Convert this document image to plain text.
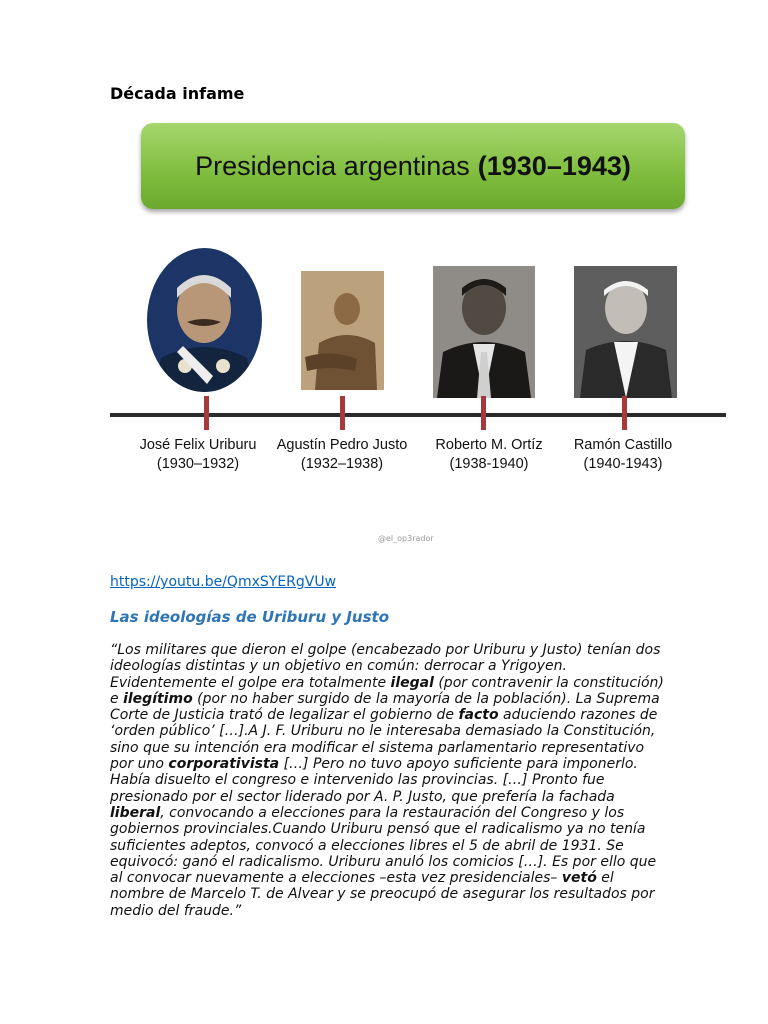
Década infame
Presidencia argentinas (1930–1943)
José Felix Uriburu
(1930–1932)
Agustín Pedro Justo
(1932–1938)
Roberto M. Ortíz
(1938-1940)
Ramón Castillo
(1940-1943)
@el_op3rador
https://youtu.be/QmxSYERgVUw
Las ideologías de Uriburu y Justo
“Los militares que dieron el golpe (encabezado por Uriburu y Justo) tenían dos ideologías distintas y un objetivo en común: derrocar a Yrigoyen. Evidentemente el golpe era totalmente ilegal (por contravenir la constitución) e ilegítimo (por no haber surgido de la mayoría de la población). La Suprema Corte de Justicia trató de legalizar el gobierno de facto aduciendo razones de ‘orden público’ […].A J. F. Uriburu no le interesaba demasiado la Constitución, sino que su intención era modificar el sistema parlamentario representativo por uno corporativista […] Pero no tuvo apoyo suficiente para imponerlo. Había disuelto el congreso e intervenido las provincias. […] Pronto fue presionado por el sector liderado por A. P. Justo, que prefería la fachada liberal, convocando a elecciones para la restauración del Congreso y los gobiernos provinciales.Cuando Uriburu pensó que el radicalismo ya no tenía suficientes adeptos, convocó a elecciones libres el 5 de abril de 1931. Se equivocó: ganó el radicalismo. Uriburu anuló los comicios […]. Es por ello que al convocar nuevamente a elecciones –esta vez presidenciales– vetó el nombre de Marcelo T. de Alvear y se preocupó de asegurar los resultados por medio del fraude.”
